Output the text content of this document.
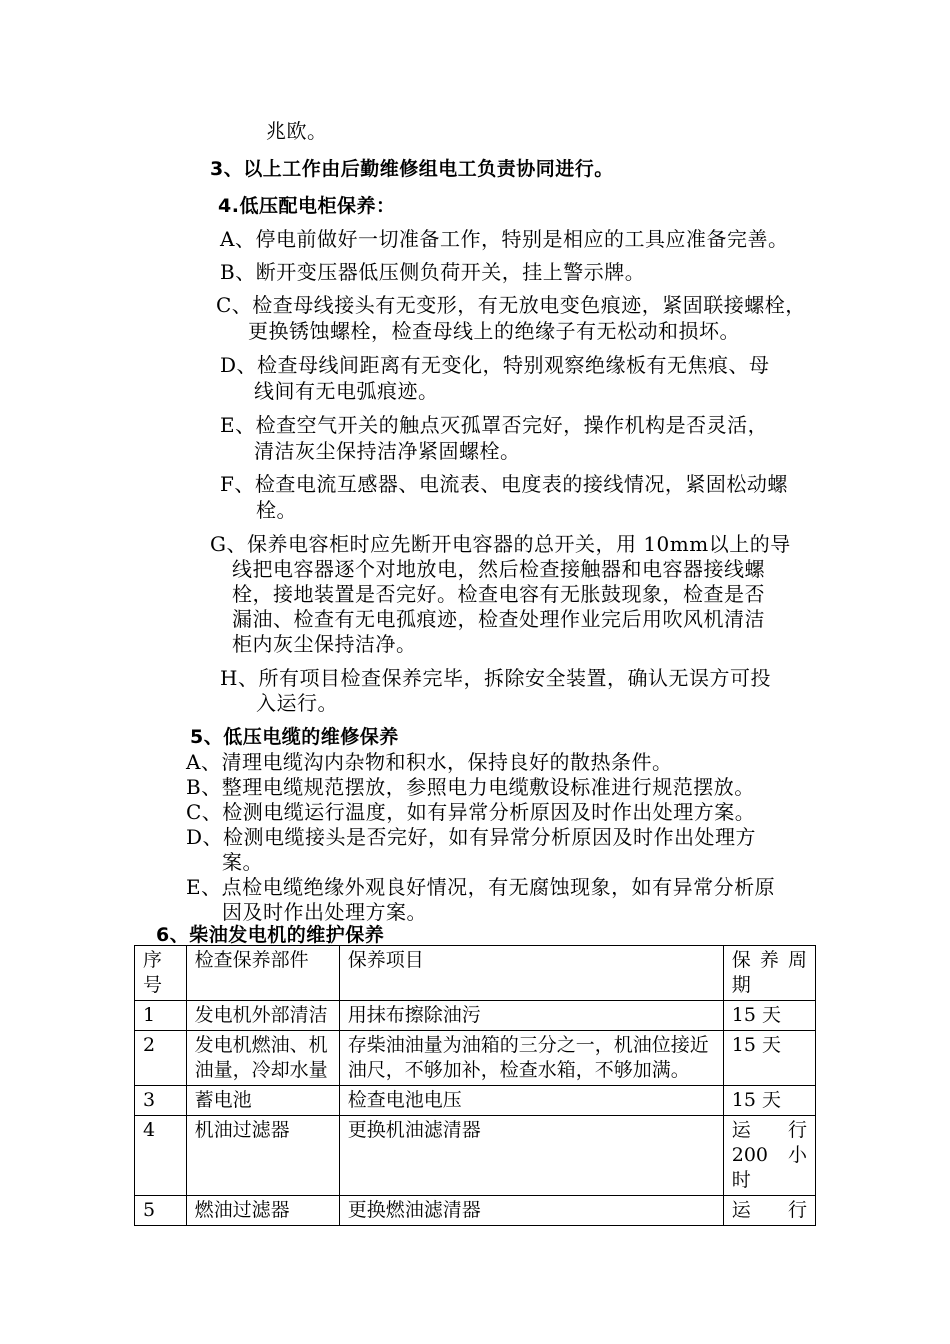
兆欧。
3、以上工作由后勤维修组电工负责协同进行。
4.低压配电柜保养：
A、停电前做好一切准备工作，特别是相应的工具应准备完善。
B、断开变压器低压侧负荷开关，挂上警示牌。
C、检查母线接头有无变形，有无放电变色痕迹，紧固联接螺栓，
更换锈蚀螺栓，检查母线上的绝缘子有无松动和损坏。
D、检查母线间距离有无变化，特别观察绝缘板有无焦痕、母
线间有无电弧痕迹。
E、检查空气开关的触点灭孤罩否完好，操作机构是否灵活，
清洁灰尘保持洁净紧固螺栓。
F、检查电流互感器、电流表、电度表的接线情况，紧固松动螺
栓。
G、保养电容柜时应先断开电容器的总开关，用 10mm以上的导
线把电容器逐个对地放电，然后检查接触器和电容器接线螺
栓，接地装置是否完好。检查电容有无胀鼓现象，检查是否
漏油、检查有无电孤痕迹，检查处理作业完后用吹风机清洁
柜内灰尘保持洁净。
H、所有项目检查保养完毕，拆除安全装置，确认无误方可投
入运行。
5、低压电缆的维修保养
A、清理电缆沟内杂物和积水，保持良好的散热条件。
B、整理电缆规范摆放，参照电力电缆敷设标准进行规范摆放。
C、检测电缆运行温度，如有异常分析原因及时作出处理方案。
D、检测电缆接头是否完好，如有异常分析原因及时作出处理方
案。
E、点检电缆绝缘外观良好情况，有无腐蚀现象，如有异常分析原
因及时作出处理方案。
6、柴油发电机的维护保养
序号	检查保养部件	保养项目	保养周期
1	发电机外部清洁	用抹布擦除油污	15 天
2	发电机燃油、机油量，冷却水量	存柴油油量为油箱的三分之一，机油位接近油尺，不够加补，检查水箱，不够加满。	15 天
3	蓄电池	检查电池电压	15 天
4	机油过滤器	更换机油滤清器	运 行 200 小时
5	燃油过滤器	更换燃油滤清器	运 行
